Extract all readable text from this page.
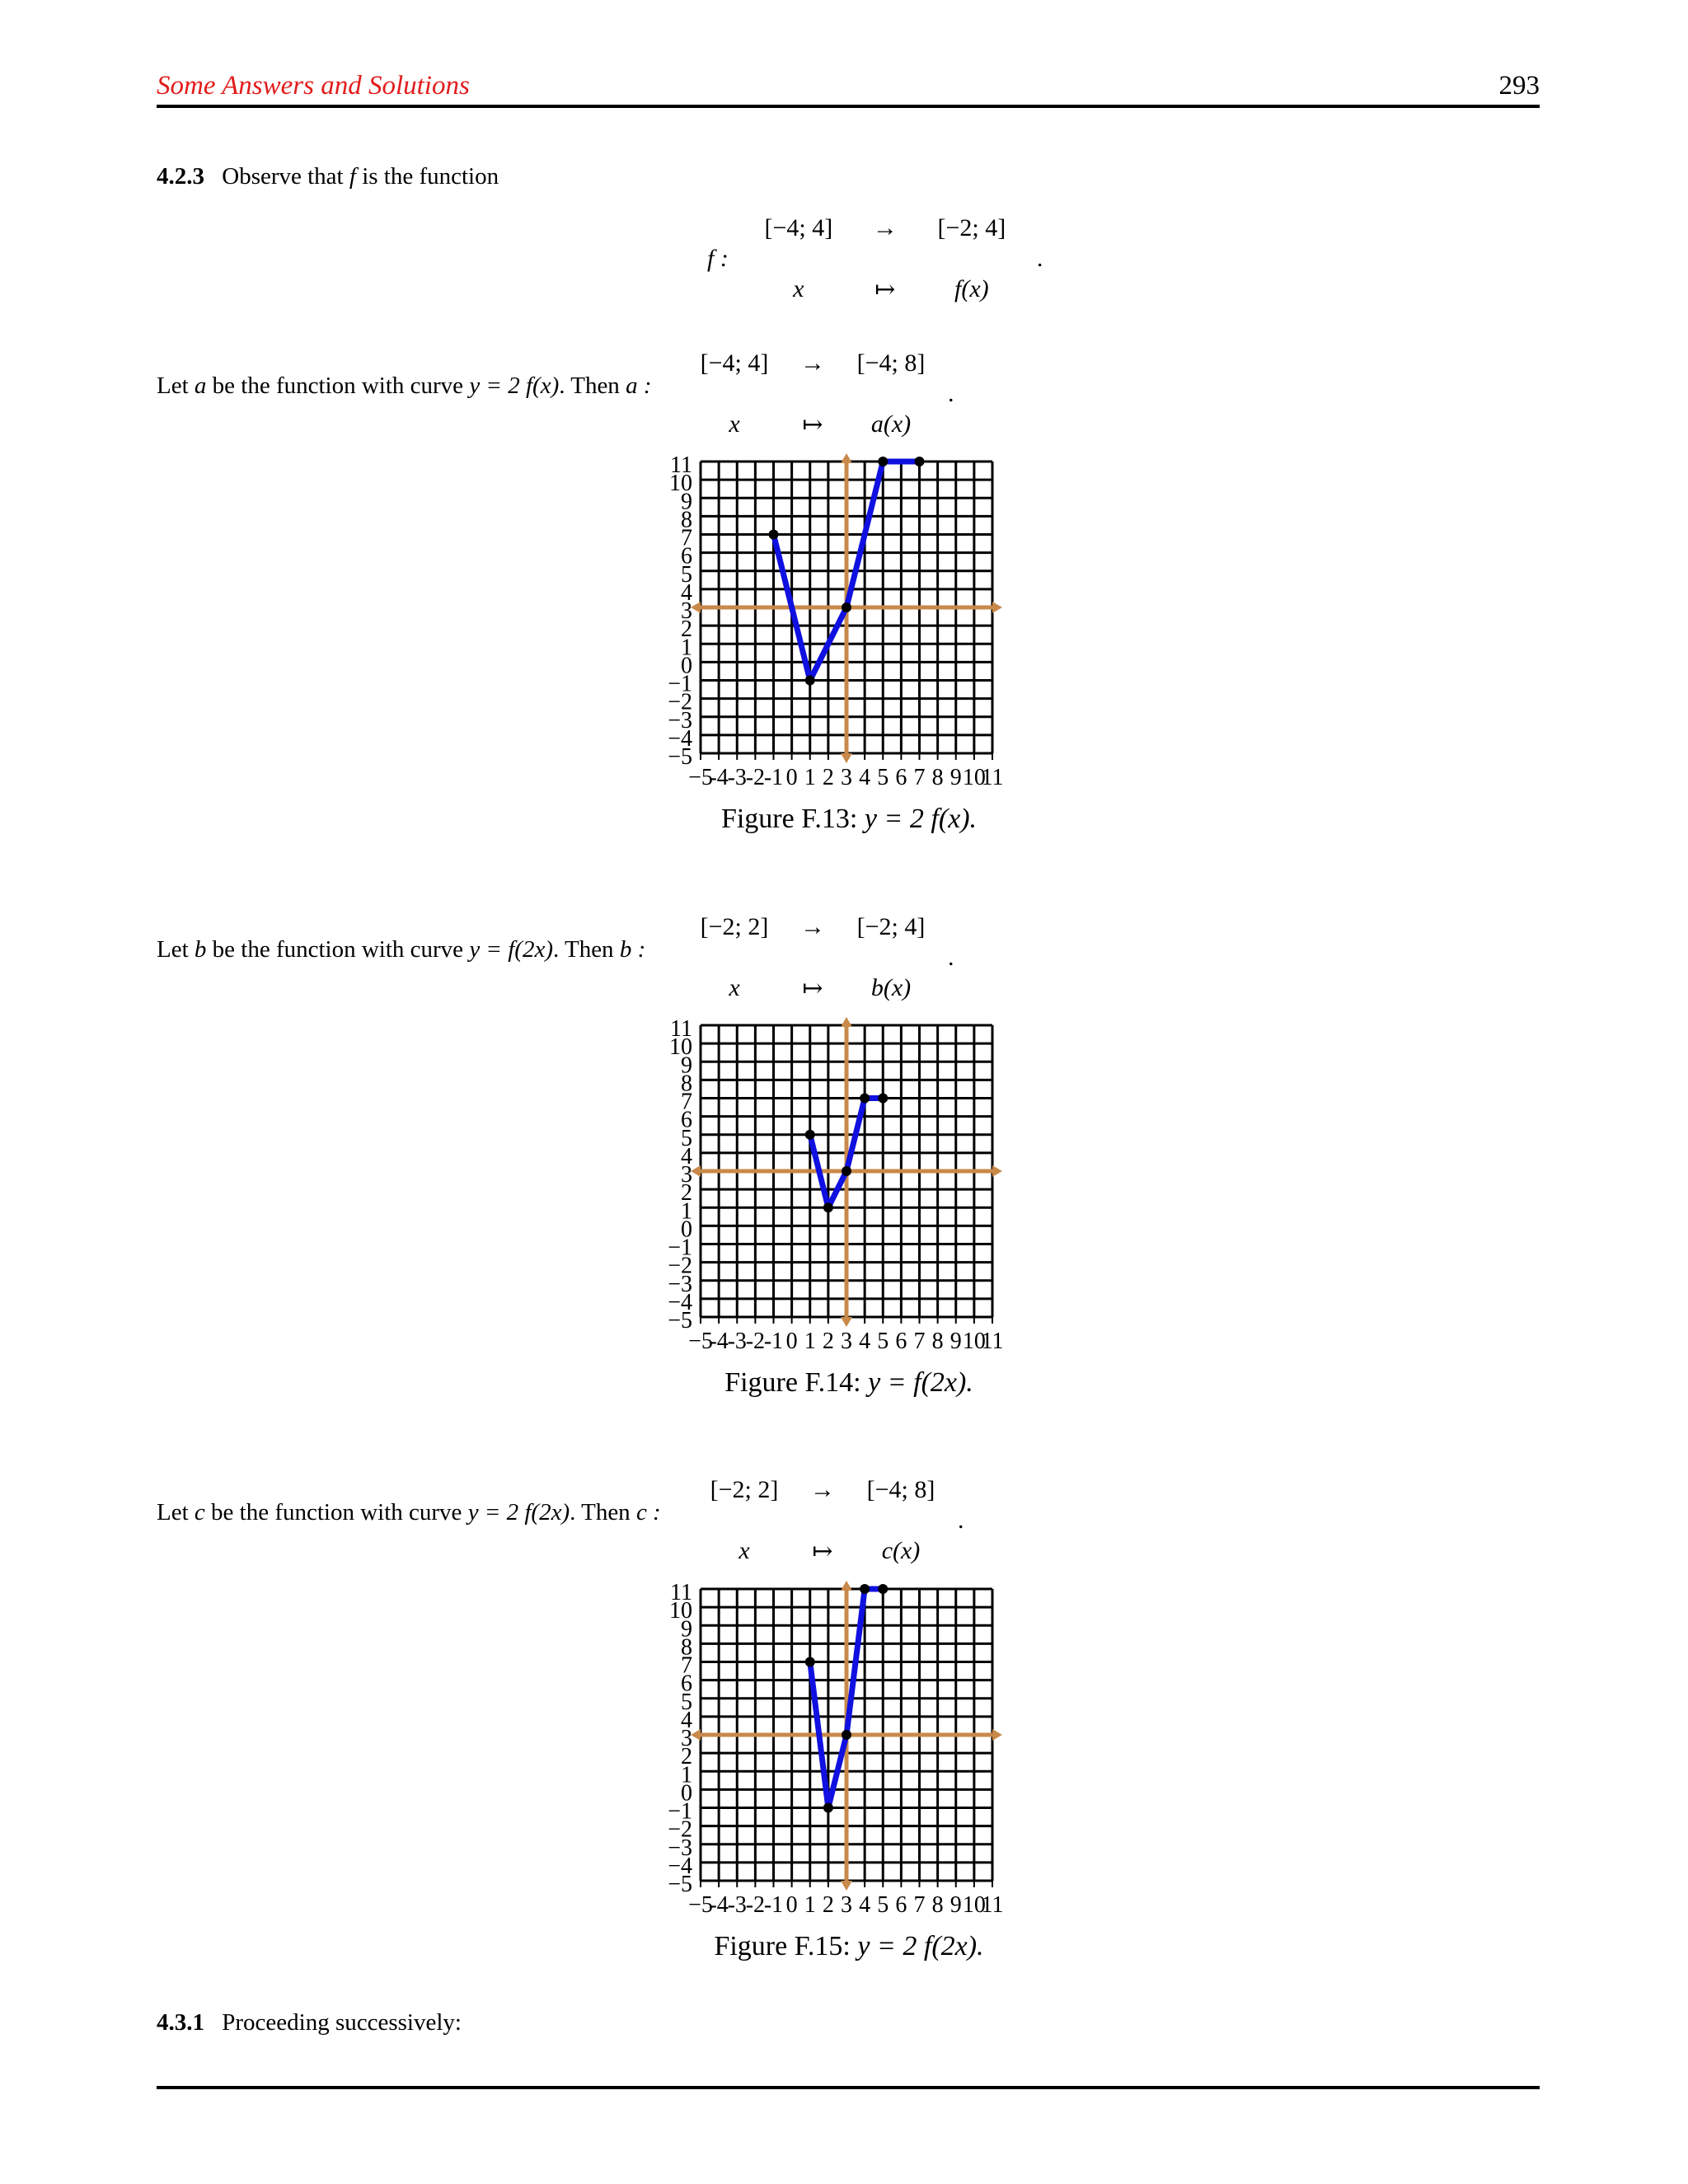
Some Answers and Solutions	293
4.2.3 Observe that f is the function
f :	[−4; 4]	→	[−2; 4]	.
	x	↦	f(x)	
Let a be the function with curve y = 2 f(x). Then a :
[−4; 4]	→	[−4; 8]	.
x	↦	a(x)	
11
10
9
8
7
6
5
4
3
2
1
0
−1
−2
−3
−4
−5
−5
-4
-3
-2
-1 0 1 2 3 4 5 6 7 8 9 10
11
Figure F.13: y = 2 f(x).
Let b be the function with curve y = f(2x). Then b :
[−2; 2]	→	[−2; 4]	.
x	↦	b(x)	
11
10
9
8
7
6
5
4
3
2
1
0
−1
−2
−3
−4
−5
−5
-4
-3
-2
-1 0 1 2 3 4 5 6 7 8 9 10
11
Figure F.14: y = f(2x).
Let c be the function with curve y = 2 f(2x). Then c :
[−2; 2]	→	[−4; 8]	.
x	↦	c(x)	
11
10
9
8
7
6
5
4
3
2
1
0
−1
−2
−3
−4
−5
−5
-4
-3
-2
-1 0 1 2 3 4 5 6 7 8 9 10
11
Figure F.15: y = 2 f(2x).
4.3.1 Proceeding successively:
